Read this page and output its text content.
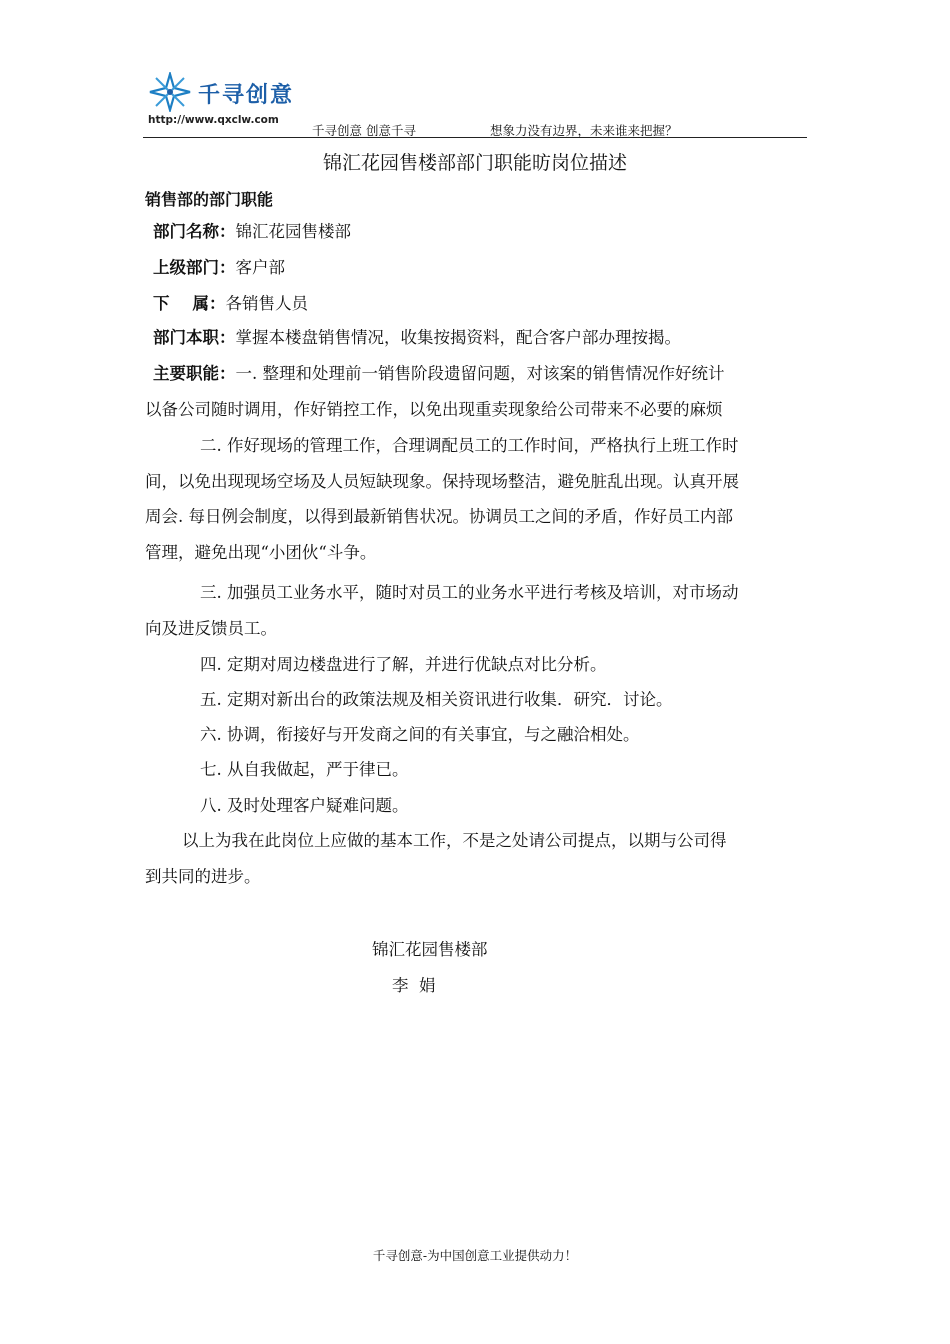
千寻创意
http://www.qxclw.com
千寻创意 创意千寻	想象力没有边界，未来谁来把握？
锦汇花园售楼部部门职能昉岗位描述
销售部的部门职能
部门名称：锦汇花园售楼部
上级部门：客户部
下    属：各销售人员
部门本职：掌握本楼盘销售情况，收集按揭资料，配合客户部办理按揭。
主要职能：一. 整理和处理前一销售阶段遗留问题，对该案的销售情况作好统计
以备公司随时调用，作好销控工作，以免出现重卖现象给公司带来不必要的麻烦
二. 作好现场的管理工作，合理调配员工的工作时间，严格执行上班工作时
间，以免出现现场空场及人员短缺现象。保持现场整洁，避免脏乱出现。认真开展
周会. 每日例会制度，以得到最新销售状况。协调员工之间的矛盾，作好员工内部
管理，避免出现“小团伙“斗争。
三. 加强员工业务水平，随时对员工的业务水平进行考核及培训，对市场动
向及进反馈员工。
四. 定期对周边楼盘进行了解，并进行优缺点对比分析。
五. 定期对新出台的政策法规及相关资讯进行收集．研究．讨论。
六. 协调，衔接好与开发商之间的有关事宜，与之融洽相处。
七. 从自我做起，严于律已。
八. 及时处理客户疑难问题。
以上为我在此岗位上应做的基本工作，不是之处请公司提点，以期与公司得
到共同的进步。
锦汇花园售楼部
李  娟
千寻创意-为中国创意工业提供动力！
